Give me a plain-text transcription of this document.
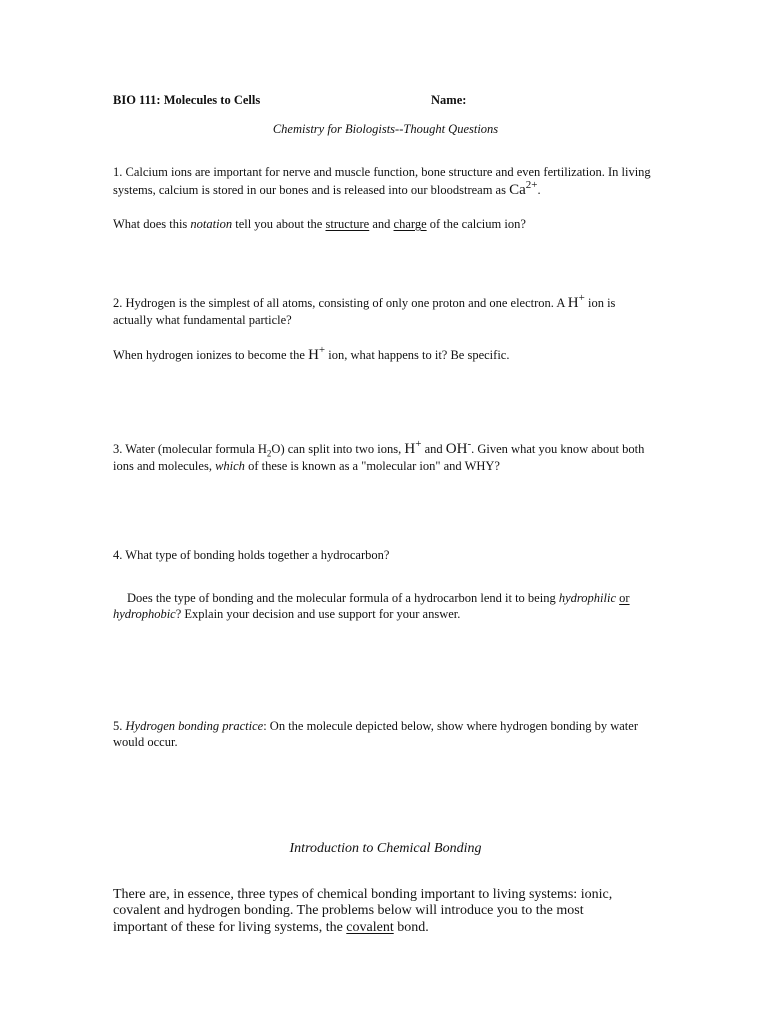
BIO 111: Molecules to Cells	Name:
Chemistry for Biologists--Thought Questions

1. Calcium ions are important for nerve and muscle function, bone structure and even fertilization. In living systems, calcium is stored in our bones and is released into our bloodstream as $Ca^{2+}$.

What does this notation tell you about the structure and charge of the calcium ion?

2. Hydrogen is the simplest of all atoms, consisting of only one proton and one electron. A H+ ion is actually what fundamental particle?

When hydrogen ionizes to become the H+ ion, what happens to it? Be specific.

3. Water (molecular formula $H_2O$) can split into two ions, H+ and OH-. Given what you know about both ions and molecules, which of these is known as a "molecular ion" and WHY?

4. What type of bonding holds together a hydrocarbon?

Does the type of bonding and the molecular formula of a hydrocarbon lend it to being hydrophilic or hydrophobic? Explain your decision and use support for your answer.

5. Hydrogen bonding practice: On the molecule depicted below, show where hydrogen bonding by water would occur.

Introduction to Chemical Bonding

There are, in essence, three types of chemical bonding important to living systems: ionic, covalent and hydrogen bonding. The problems below will introduce you to the most important of these for living systems, the covalent bond.
